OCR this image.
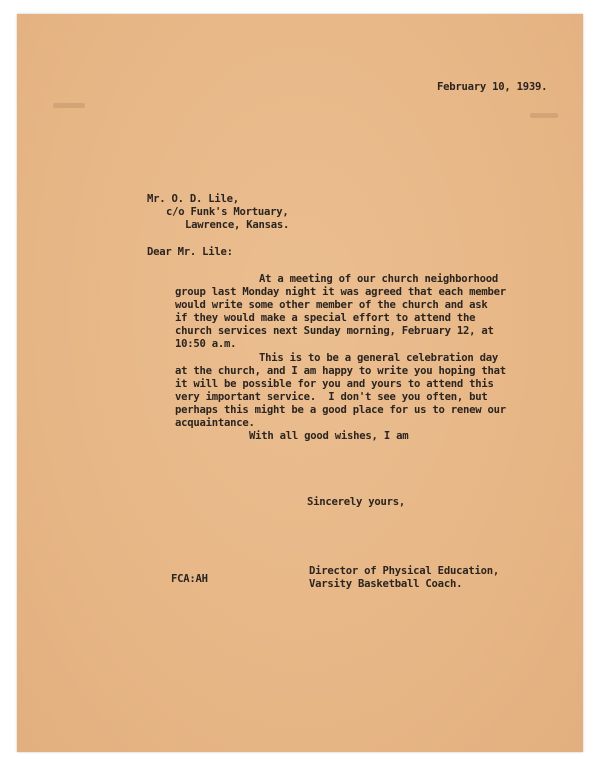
February 10, 1939.
Mr. O. D. Lile,
c/o Funk's Mortuary,
Lawrence, Kansas.
Dear Mr. Lile:
At a meeting of our church neighborhood
group last Monday night it was agreed that each member
would write some other member of the church and ask
if they would make a special effort to attend the
church services next Sunday morning, February 12, at
10:50 a.m.
This is to be a general celebration day
at the church, and I am happy to write you hoping that
it will be possible for you and yours to attend this
very important service.  I don't see you often, but
perhaps this might be a good place for us to renew our
acquaintance.
With all good wishes, I am
Sincerely yours,
FCA:AH
Director of Physical Education,
Varsity Basketball Coach.
